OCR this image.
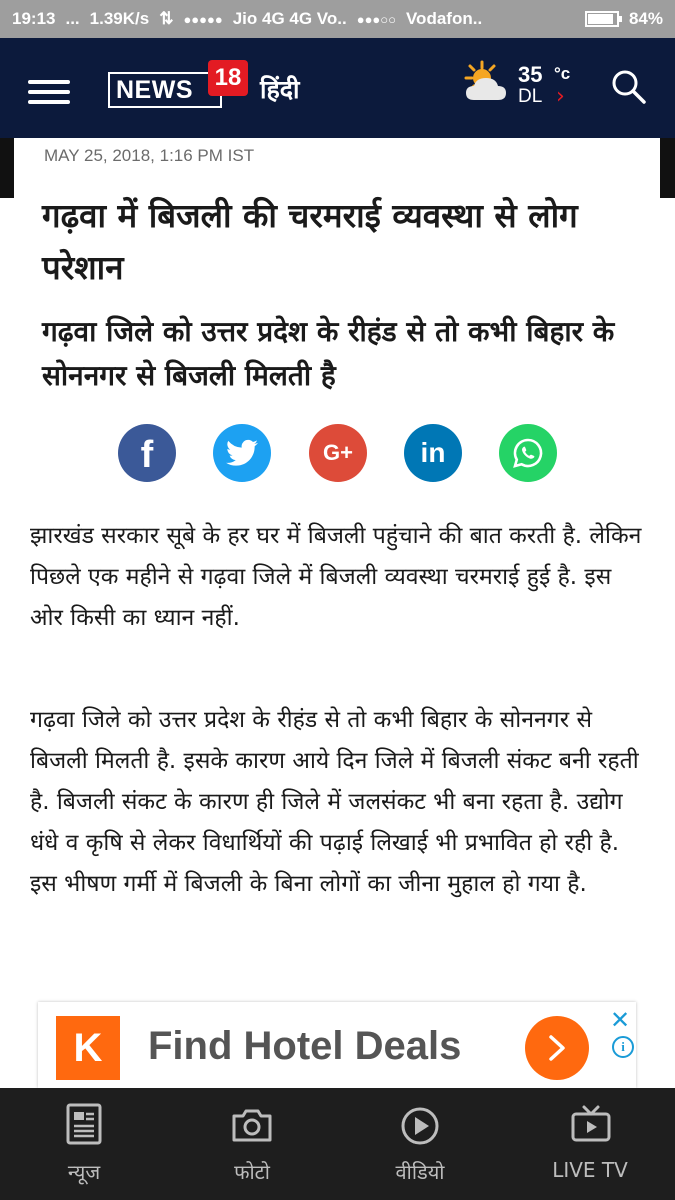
19:13 ... 1.39K/s ⇅ ●●●●● Jio 4G 4G Vo.. ●●●○○ Vodafon..	84%
NEWS 18 हिंदी
35 °c
DL ›
MAY 25, 2018, 1:16 PM IST
गढ़वा में बिजली की चरमराई व्यवस्था से लोग परेशान
गढ़वा जिले को उत्तर प्रदेश के रीहंड से तो कभी बिहार के सोननगर से बिजली मिलती है
f	G+ in

झारखंड सरकार सूबे के हर घर में बिजली पहुंचाने की बात करती है. लेकिन पिछले एक महीने से गढ़वा जिले में बिजली व्यवस्था चरमराई हुई है. इस ओर किसी का ध्यान नहीं.

गढ़वा जिले को उत्तर प्रदेश के रीहंड से तो कभी बिहार के सोननगर से बिजली मिलती है. इसके कारण आये दिन जिले में बिजली संकट बनी रहती है. बिजली संकट के कारण ही जिले में जलसंकट भी बना रहता है. उद्योग धंधे व कृषि से लेकर विधार्थियों की पढ़ाई लिखाई भी प्रभावित हो रही है. इस भीषण गर्मी में बिजली के बिना लोगों का जीना मुहाल हो गया है.

K	Find Hotel Deals
✕
i
न्यूज	फोटो	वीडियो	LIVE TV
